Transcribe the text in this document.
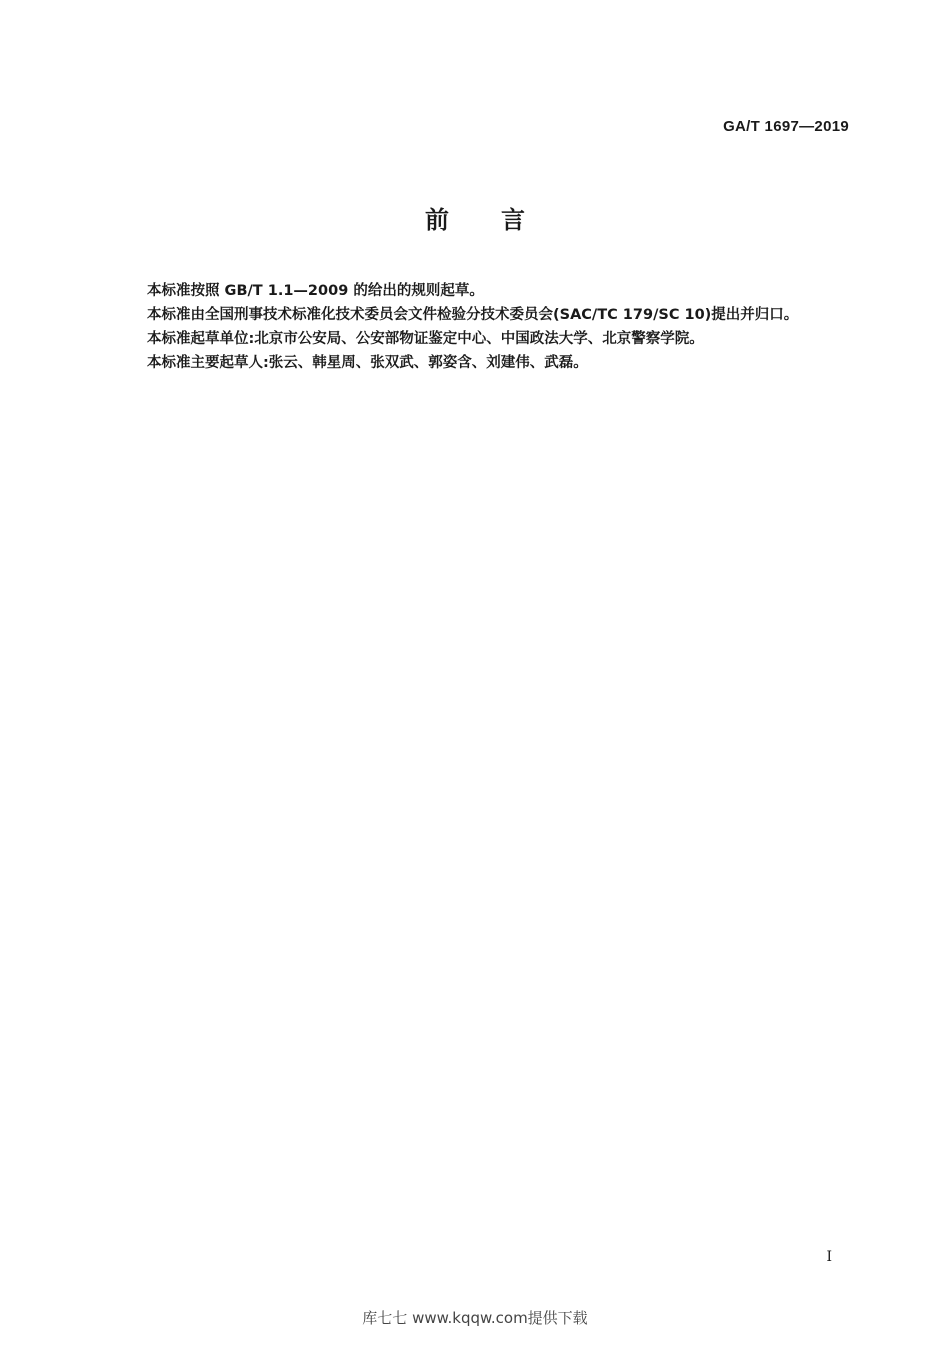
GA/T 1697—2019
前 言

本标准按照 GB/T 1.1—2009 的给出的规则起草。

本标准由全国刑事技术标准化技术委员会文件检验分技术委员会(SAC/TC 179/SC 10)提出并归口。

本标准起草单位:北京市公安局、公安部物证鉴定中心、中国政法大学、北京警察学院。

本标准主要起草人:张云、韩星周、张双武、郭姿含、刘建伟、武磊。

I
库七七 www.kqqw.com提供下载
